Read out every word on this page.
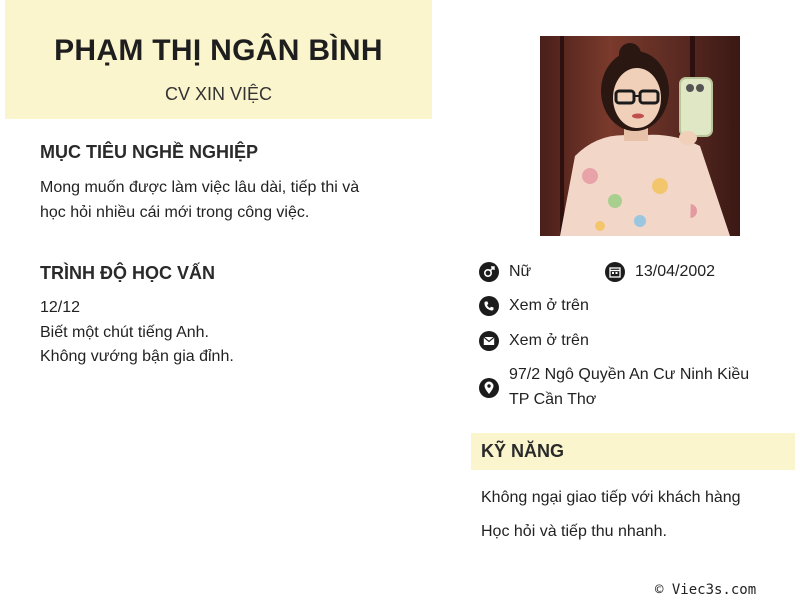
PHẠM THỊ NGÂN BÌNH
CV XIN VIỆC
MỤC TIÊU NGHỀ NGHIỆP
Mong muốn được làm việc lâu dài, tiếp thi và
học hỏi nhiều cái mới trong công việc.
TRÌNH ĐỘ HỌC VẤN
12/12
Biết một chút tiếng Anh.
Không vướng bận gia đỉnh.
Nữ	13/04/2002
Xem ở trên
Xem ở trên
97/2 Ngô Quyền An Cư Ninh Kiều
TP Cần Thơ
KỸ NĂNG
Không ngại giao tiếp với khách hàng
Học hỏi và tiếp thu nhanh.
© Viec3s.com
